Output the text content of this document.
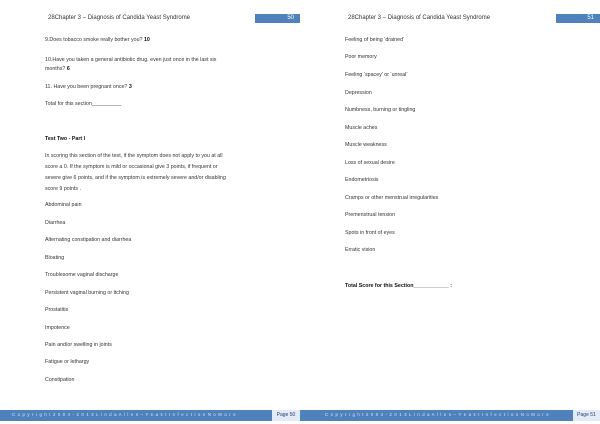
28Chapter 3 – Diagnosis of Candida Yeast Syndrome	50
9.Does tobacco smoke really bother you? 10
10.Have you taken a general antibiotic drug, even just once in the last six
months? 6
11. Have you been pregnant once? 3
Total for this section__________
Test Two - Part I
In scoring this section of the test, if the symptom does not apply to you at all
score a 0. If the symptom is mild or occasional give 3 points, if frequent or
severe give 6 points, and if the symptom is extremely severe and/or disabling
score 9 points .
Abdominal pain
Diarrhea
Alternating constipation and diarrhea
Bloating
Troublesome vaginal discharge
Persistent vaginal burning or itching
Prostatitis
Impotence
Pain and/or swelling in joints
Fatigue or lethargy
Constipation
C o p y r i g h t 2 0 0 4 - 2 0 1 3 L i n d a A l l e n – Y e a s t I n f e c t i o n N o M o r e	Page 50
28Chapter 3 – Diagnosis of Candida Yeast Syndrome	51
Feeling of being ‘drained’
Poor memory
Feeling ‘spacey’ or ‘unreal’
Depression
Numbness, burning or tingling
Muscle aches
Muscle weakness
Loss of sexual desire
Endometriosis
Cramps or other menstrual irregularities
Premenstrual tension
Spots in front of eyes
Erratic vision
Total Score for this Section____________ :
C o p y r i g h t 2 0 0 4 - 2 0 1 3 L i n d a A l l e n – Y e a s t I n f e c t i o n N o M o r e	Page 51
